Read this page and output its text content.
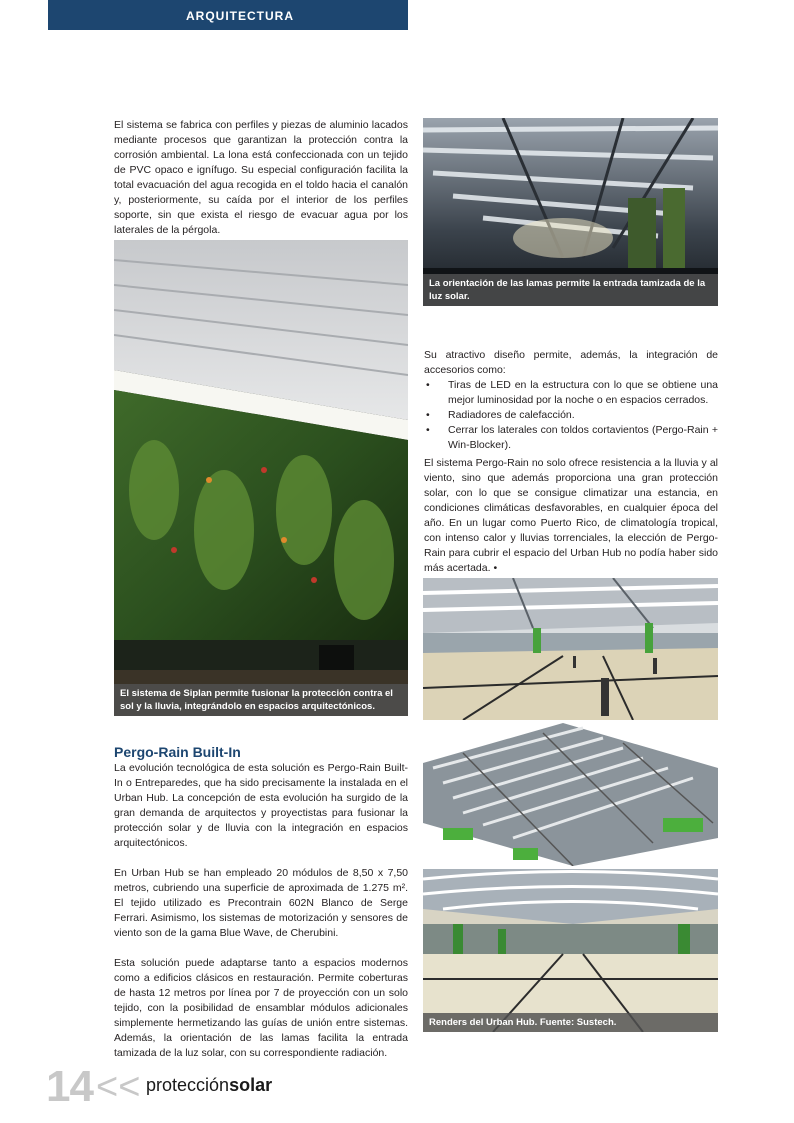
ARQUITECTURA

El sistema se fabrica con perfiles y piezas de aluminio lacados mediante procesos que garantizan la protección contra la corrosión ambiental. La lona está confeccionada con un tejido de PVC opaco e ignífugo. Su especial configuración facilita la total evacuación del agua recogida en el toldo hacia el canalón y, posteriormente, su caída por el interior de los perfiles soporte, sin que exista el riesgo de evacuar agua por los laterales de la pérgola.

La orientación de las lamas permite la entrada tamizada de la luz solar.
El sistema de Siplan permite fusionar la protección contra el sol y la lluvia, integrándolo en espacios arquitectónicos.

Su atractivo diseño permite, además, la integración de accesorios como:

• Tiras de LED en la estructura con lo que se obtiene una mejor luminosidad por la noche o en espacios cerrados.
• Radiadores de calefacción.
• Cerrar los laterales con toldos cortavientos (Pergo-Rain + Win-Blocker).

El sistema Pergo-Rain no solo ofrece resistencia a la lluvia y al viento, sino que además proporciona una gran protección solar, con lo que se consigue climatizar una estancia, en condiciones climáticas desfavorables, en cualquier época del año. En un lugar como Puerto Rico, de climatología tropical, con intenso calor y lluvias torrenciales, la elección de Pergo-Rain para cubrir el espacio del Urban Hub no podía haber sido más acertada. •

Renders del Urban Hub. Fuente: Sustech.
Pergo-Rain Built-In

La evolución tecnológica de esta solución es Pergo-Rain Built-In o Entreparedes, que ha sido precisamente la instalada en el Urban Hub. La concepción de esta evolución ha surgido de la gran demanda de arquitectos y proyectistas para fusionar la protección solar y de lluvia con la integración en espacios arquitectónicos.

En Urban Hub se han empleado 20 módulos de 8,50 x 7,50 metros, cubriendo una superficie de aproximada de 1.275 m². El tejido utilizado es Precontrain 602N Blanco de Serge Ferrari. Asimismo, los sistemas de motorización y sensores de viento son de la gama Blue Wave, de Cherubini.

Esta solución puede adaptarse tanto a espacios modernos como a edificios clásicos en restauración. Permite coberturas de hasta 12 metros por línea por 7 de proyección con un solo tejido, con la posibilidad de ensamblar módulos adicionales simplemente hermetizando las guías de unión entre sistemas. Además, la orientación de las lamas facilita la entrada tamizada de la luz solar, con su correspondiente radiación.

14 << protecciónsolar
